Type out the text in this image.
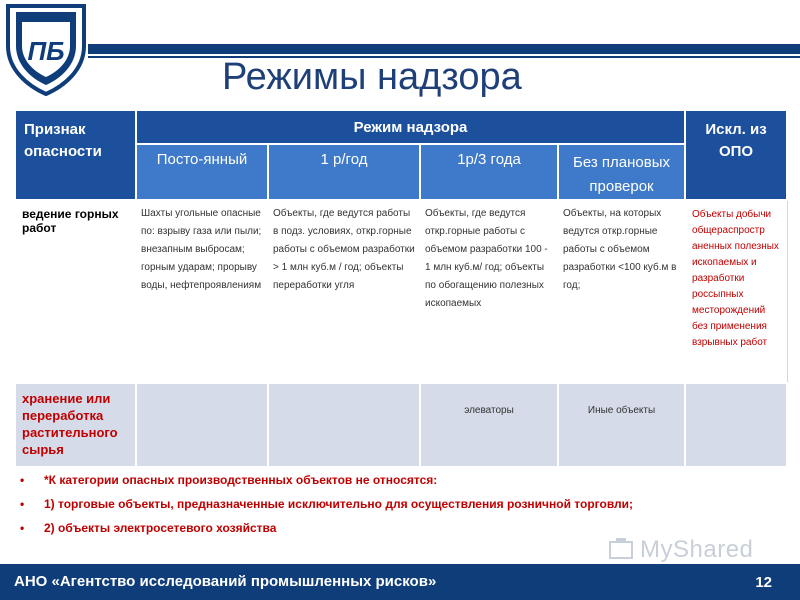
ПБ
Режимы надзора
Признак опасности	Режим надзора				Искл. из ОПО
	Посто-янный	1 р/год	1р/3 года	Без плановых проверок	
ведение горных работ	Шахты угольные опасные по: взрыву газа или пыли; внезапным выбросам; горным ударам; прорыву воды, нефтепроявлениям	Объекты, где ведутся работы в подз. условиях, откр.горные работы с объемом разработки > 1 млн куб.м / год; объекты переработки угля	Объекты, где ведутся откр.горные работы с объемом разработки 100 - 1 млн куб.м/ год; объекты по обогащению полезных ископаемых	Объекты, на которых ведутся откр.горные работы с объемом разработки <100 куб.м в год;	Объекты добычи общераспростр аненных полезных ископаемых и разработки россыпных месторождений без применения взрывных работ
хранение или переработка растительного сырья			элеваторы	Иные объекты	
•	*К категории опасных производственных объектов не относятся:
•	1) торговые объекты, предназначенные исключительно для осуществления розничной торговли;
•	2) объекты электросетевого хозяйства
MyShared
АНО «Агентство исследований промышленных рисков»	12
